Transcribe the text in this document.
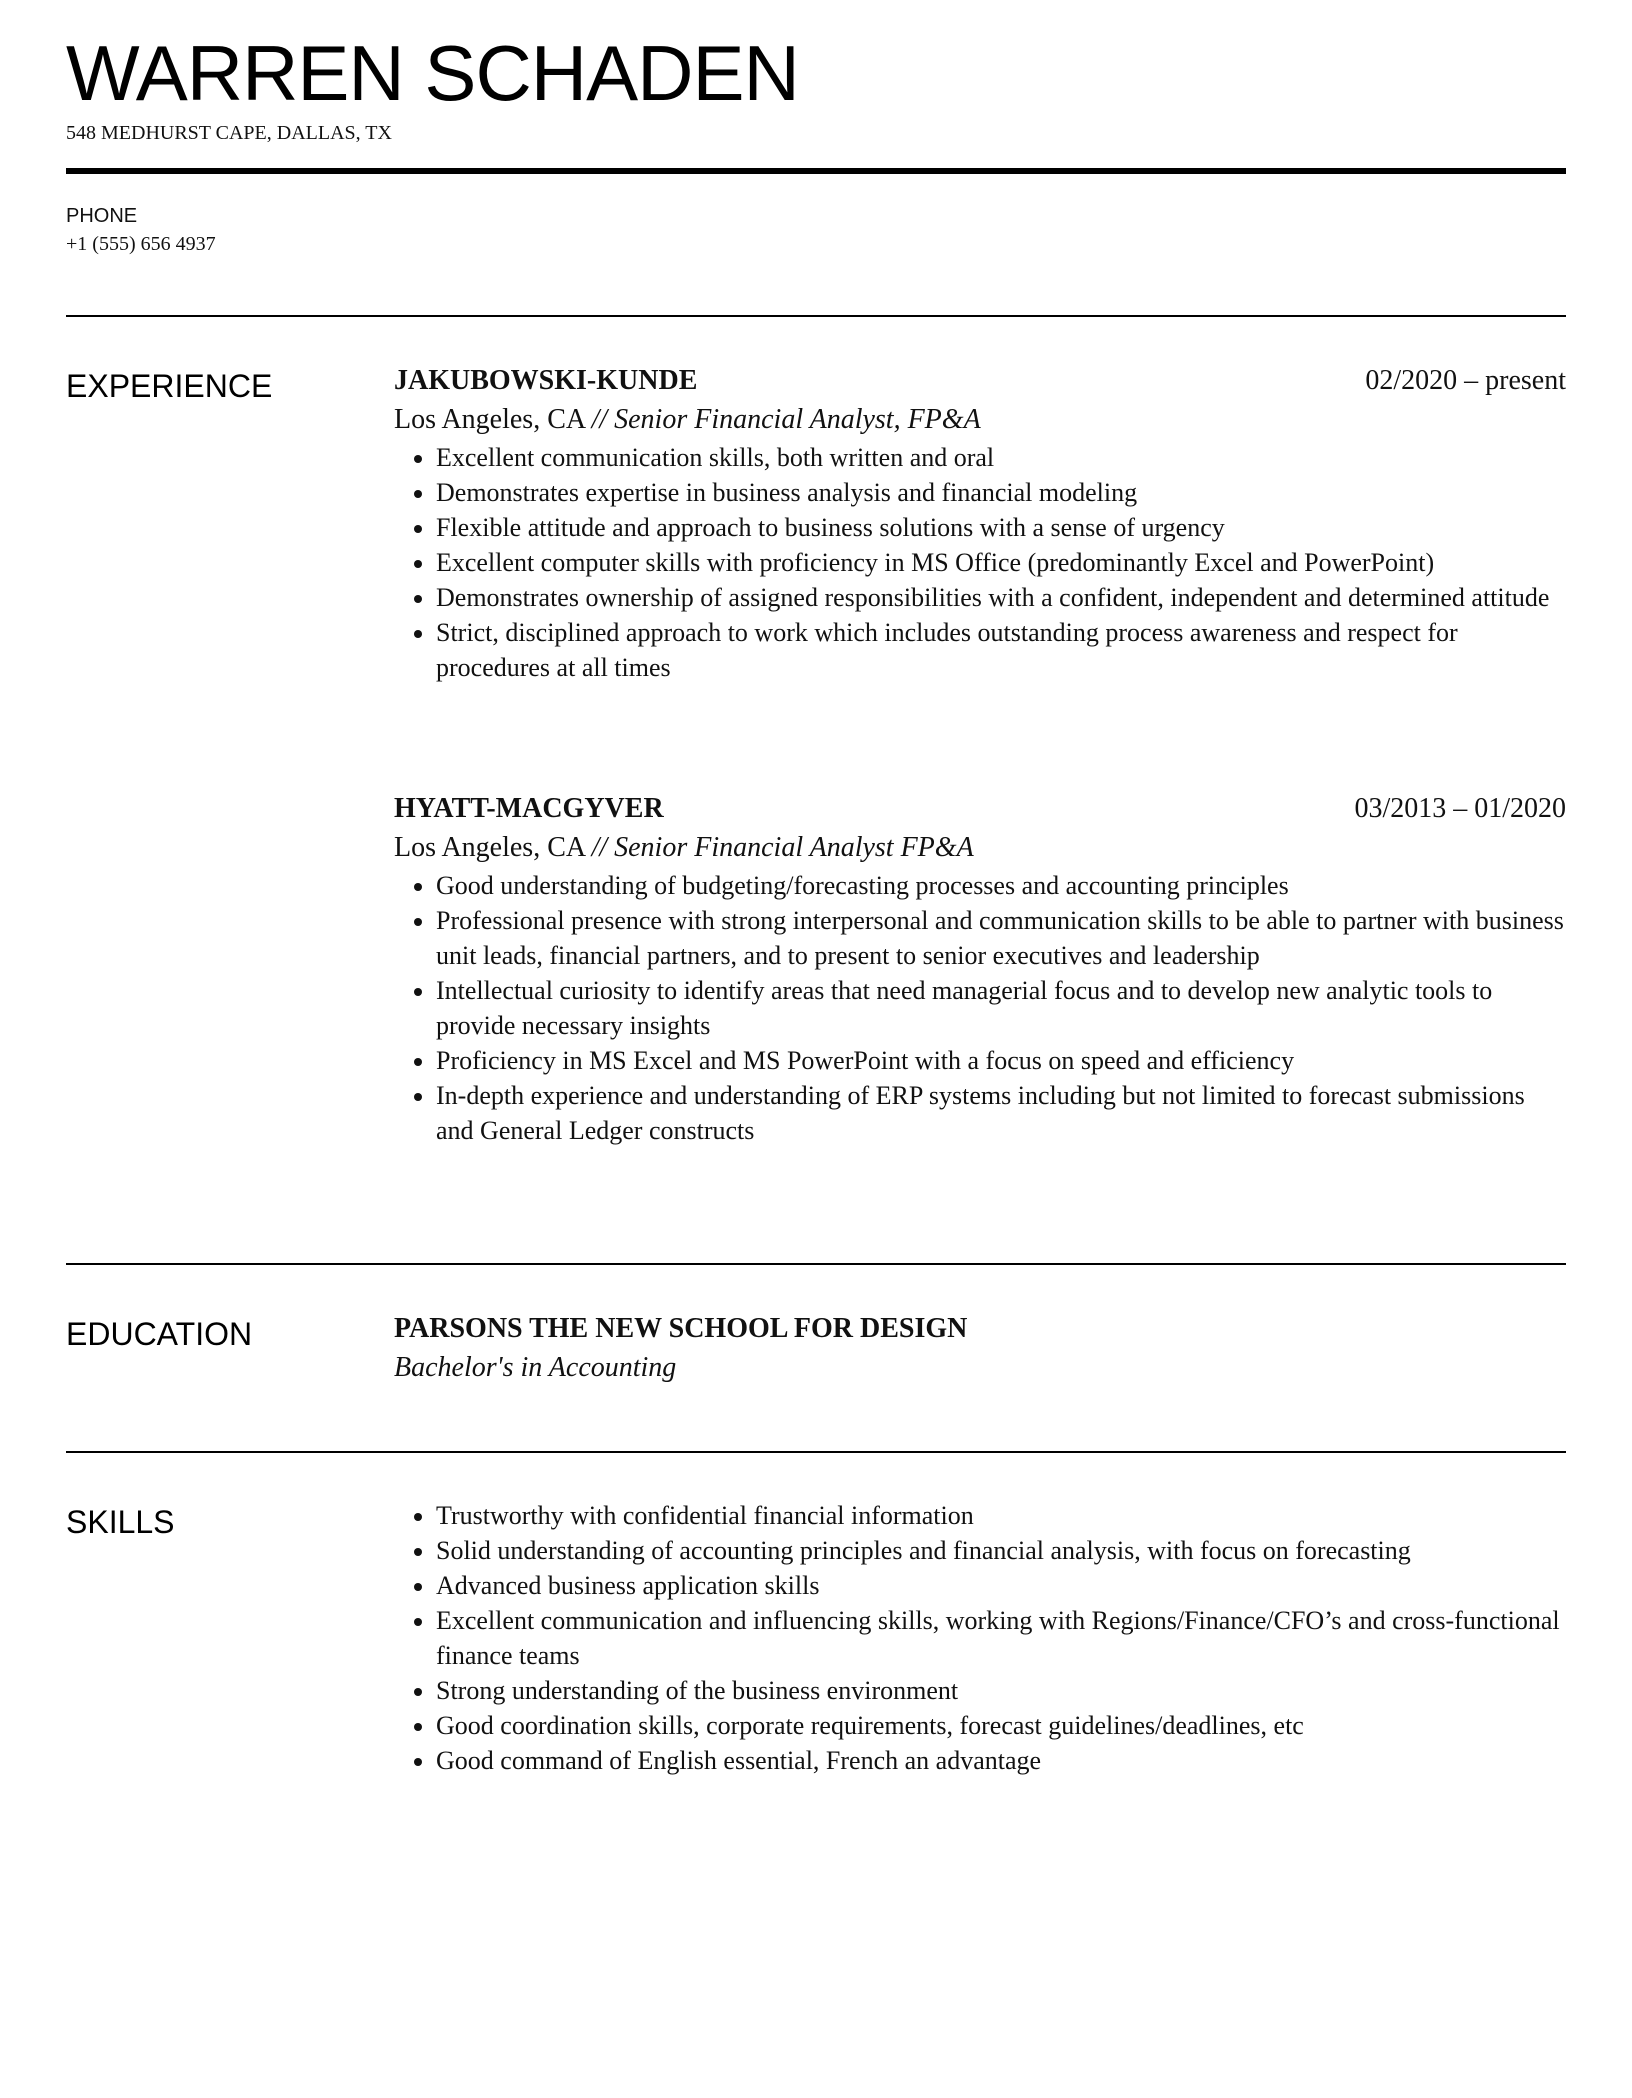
WARREN SCHADEN
548 MEDHURST CAPE, DALLAS, TX
PHONE
+1 (555) 656 4937
EXPERIENCE	JAKUBOWSKI-KUNDE	02/2020 – present
Los Angeles, CA // Senior Financial Analyst, FP&A
• Excellent communication skills, both written and oral
• Demonstrates expertise in business analysis and financial modeling
• Flexible attitude and approach to business solutions with a sense of urgency
• Excellent computer skills with proficiency in MS Office (predominantly Excel and PowerPoint)
• Demonstrates ownership of assigned responsibilities with a confident, independent and determined attitude
• Strict, disciplined approach to work which includes outstanding process awareness and respect for procedures at all times
HYATT-MACGYVER	03/2013 – 01/2020
Los Angeles, CA // Senior Financial Analyst FP&A
• Good understanding of budgeting/forecasting processes and accounting principles
• Professional presence with strong interpersonal and communication skills to be able to partner with business unit leads, financial partners, and to present to senior executives and leadership
• Intellectual curiosity to identify areas that need managerial focus and to develop new analytic tools to provide necessary insights
• Proficiency in MS Excel and MS PowerPoint with a focus on speed and efficiency
• In-depth experience and understanding of ERP systems including but not limited to forecast submissions and General Ledger constructs
EDUCATION	PARSONS THE NEW SCHOOL FOR DESIGN
Bachelor's in Accounting
SKILLS
•	Trustworthy with confidential financial information
• Solid understanding of accounting principles and financial analysis, with focus on forecasting
• Advanced business application skills
• Excellent communication and influencing skills, working with Regions/Finance/CFO’s and cross-functional finance teams
• Strong understanding of the business environment
• Good coordination skills, corporate requirements, forecast guidelines/deadlines, etc
• Good command of English essential, French an advantage
